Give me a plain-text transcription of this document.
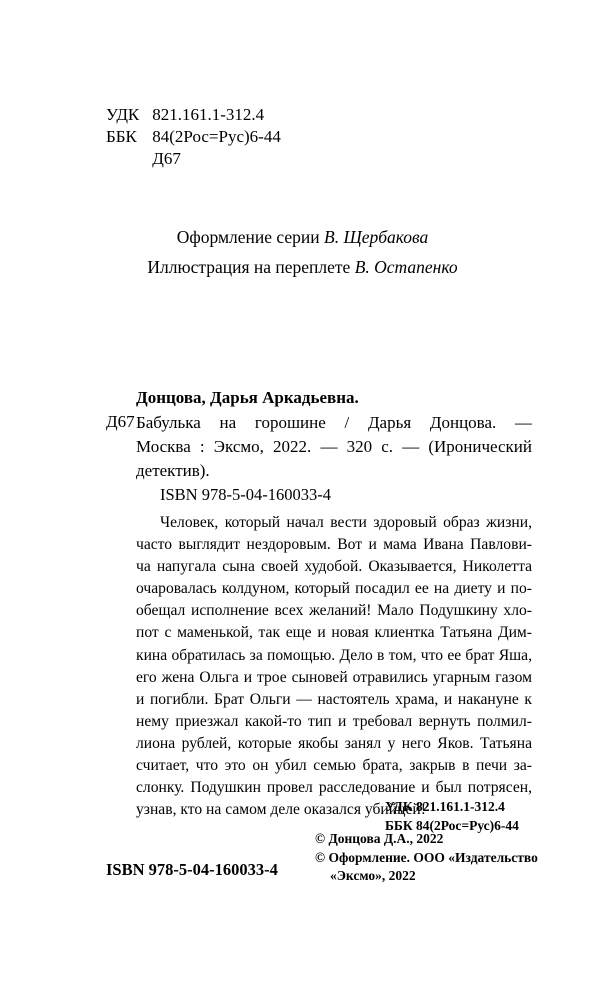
УДК 821.161.1-312.4
ББК 84(2Рос=Рус)6-44
Д67
Оформление серии В. Щербакова
Иллюстрация на переплете В. Остапенко
Донцова, Дарья Аркадьевна.
Д67 Бабулька на горошине / Дарья Донцова. —
Москва : Эксмо, 2022. — 320 с. — (Иронический
детектив).
ISBN 978-5-04-160033-4
Человек, который начал вести здоровый образ жизни,
часто выглядит нездоровым. Вот и мама Ивана Павлови-
ча напугала сына своей худобой. Оказывается, Николетта
очаровалась колдуном, который посадил ее на диету и по-
обещал исполнение всех желаний! Мало Подушкину хло-
пот с маменькой, так еще и новая клиентка Татьяна Дим-
кина обратилась за помощью. Дело в том, что ее брат Яша,
его жена Ольга и трое сыновей отравились угарным газом
и погибли. Брат Ольги — настоятель храма, и накануне к
нему приезжал какой-то тип и требовал вернуть полмил-
лиона рублей, которые якобы занял у него Яков. Татьяна
считает, что это он убил семью брата, закрыв в печи за-
слонку. Подушкин провел расследование и был потрясен,
узнав, кто на самом деле оказался убийцей!
УДК 821.161.1-312.4
ББК 84(2Рос=Рус)6-44
© Донцова Д.А., 2022
© Оформление. ООО «Издательство
«Эксмо», 2022
ISBN 978-5-04-160033-4
